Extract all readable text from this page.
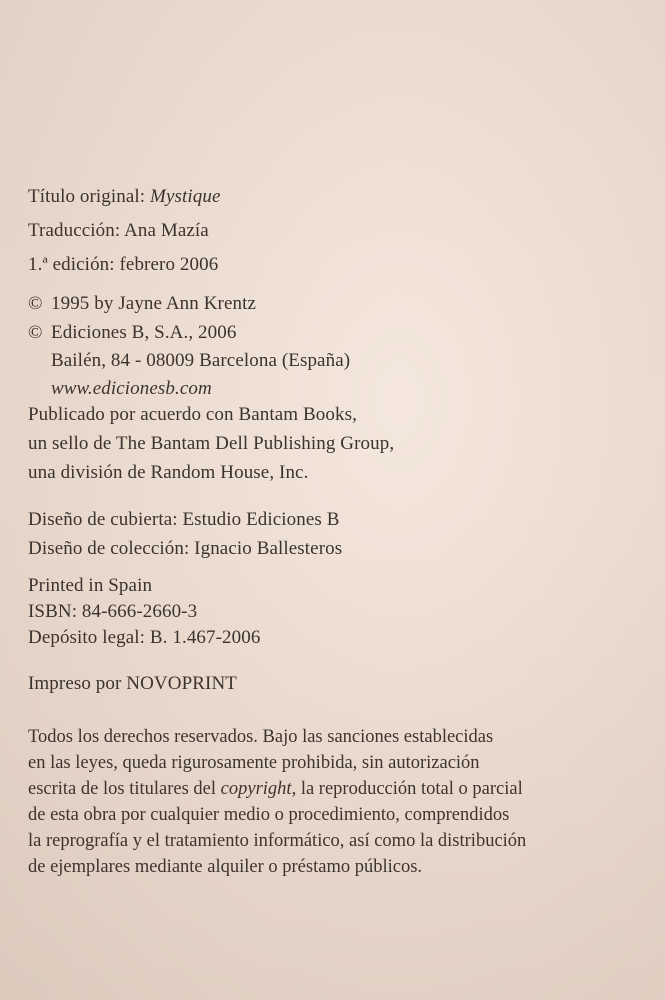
Título original: Mystique
Traducción: Ana Mazía
1.ª edición: febrero 2006
© 1995 by Jayne Ann Krentz
© Ediciones B, S.A., 2006
Bailén, 84 - 08009 Barcelona (España)
www.edicionesb.com
Publicado por acuerdo con Bantam Books,
un sello de The Bantam Dell Publishing Group,
una división de Random House, Inc.
Diseño de cubierta: Estudio Ediciones B
Diseño de colección: Ignacio Ballesteros
Printed in Spain
ISBN: 84-666-2660-3
Depósito legal: B. 1.467-2006
Impreso por NOVOPRINT
Todos los derechos reservados. Bajo las sanciones establecidas
en las leyes, queda rigurosamente prohibida, sin autorización
escrita de los titulares del copyright, la reproducción total o parcial
de esta obra por cualquier medio o procedimiento, comprendidos
la reprografía y el tratamiento informático, así como la distribución
de ejemplares mediante alquiler o préstamo públicos.
